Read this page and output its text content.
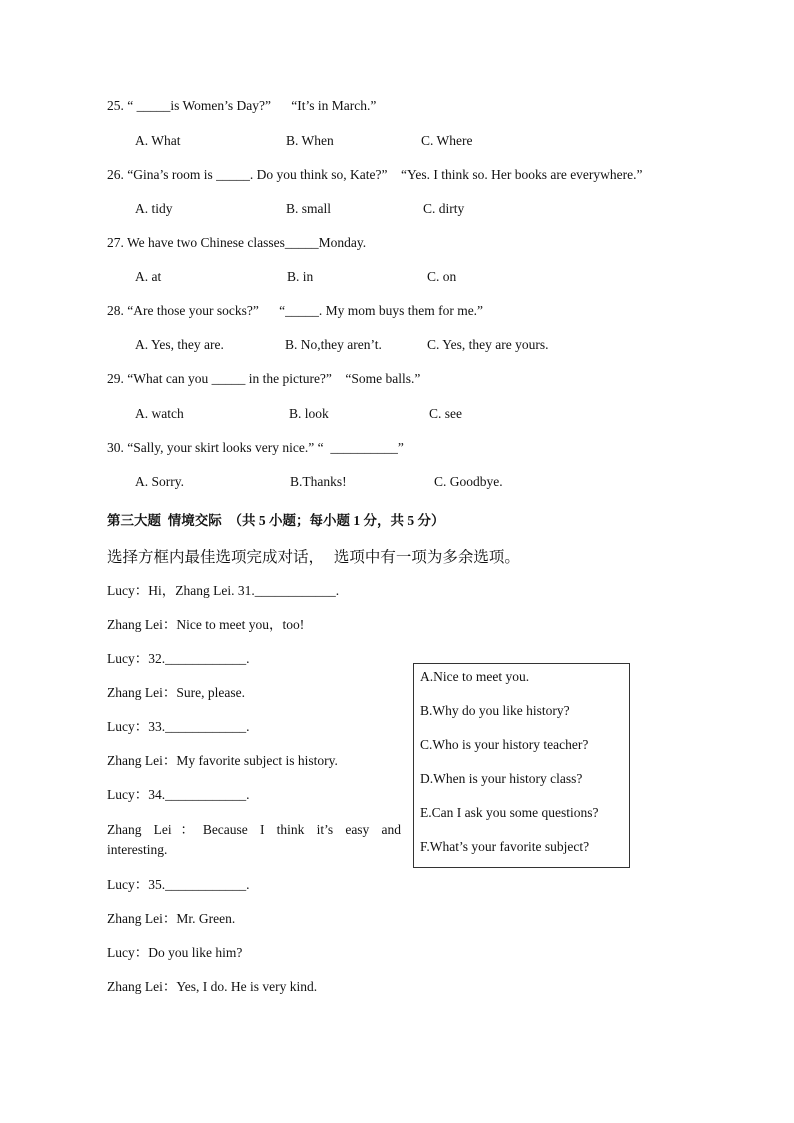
25. “ _____is Women’s Day?”      “It’s in March.”
A. What	B. When	C. Where
26. “Gina’s room is _____. Do you think so, Kate?”    “Yes. I think so. Her books are everywhere.”
A. tidy	B. small	C. dirty
27. We have two Chinese classes_____Monday.
A. at	B. in	C. on
28. “Are those your socks?”      “_____. My mom buys them for me.”
A. Yes, they are.	B. No,they aren’t.	C. Yes, they are yours.
29. “What can you _____ in the picture?”    “Some balls.”
A. watch	B. look	C. see
30. “Sally, your skirt looks very nice.” “  __________”
A. Sorry.	B.Thanks!	C. Goodbye.
第三大题  情境交际  （共 5 小题；每小题 1 分，共 5 分）
选择方框内最佳选项完成对话，  选项中有一项为多余选项。
Lucy：Hi，Zhang Lei. 31.____________.
Zhang Lei：Nice to meet you，too!
Lucy：32.____________.
Zhang Lei：Sure, please.
Lucy：33.____________.
Zhang Lei：My favorite subject is history.
Lucy：34.____________.
Zhang Lei：Because I think it’s easy and
interesting.
Lucy：35.____________.
Zhang Lei：Mr. Green.
Lucy：Do you like him?
Zhang Lei：Yes, I do. He is very kind.
A.Nice to meet you.
B.Why do you like history?
C.Who is your history teacher?
D.When is your history class?
E.Can I ask you some questions?
F.What’s your favorite subject?
